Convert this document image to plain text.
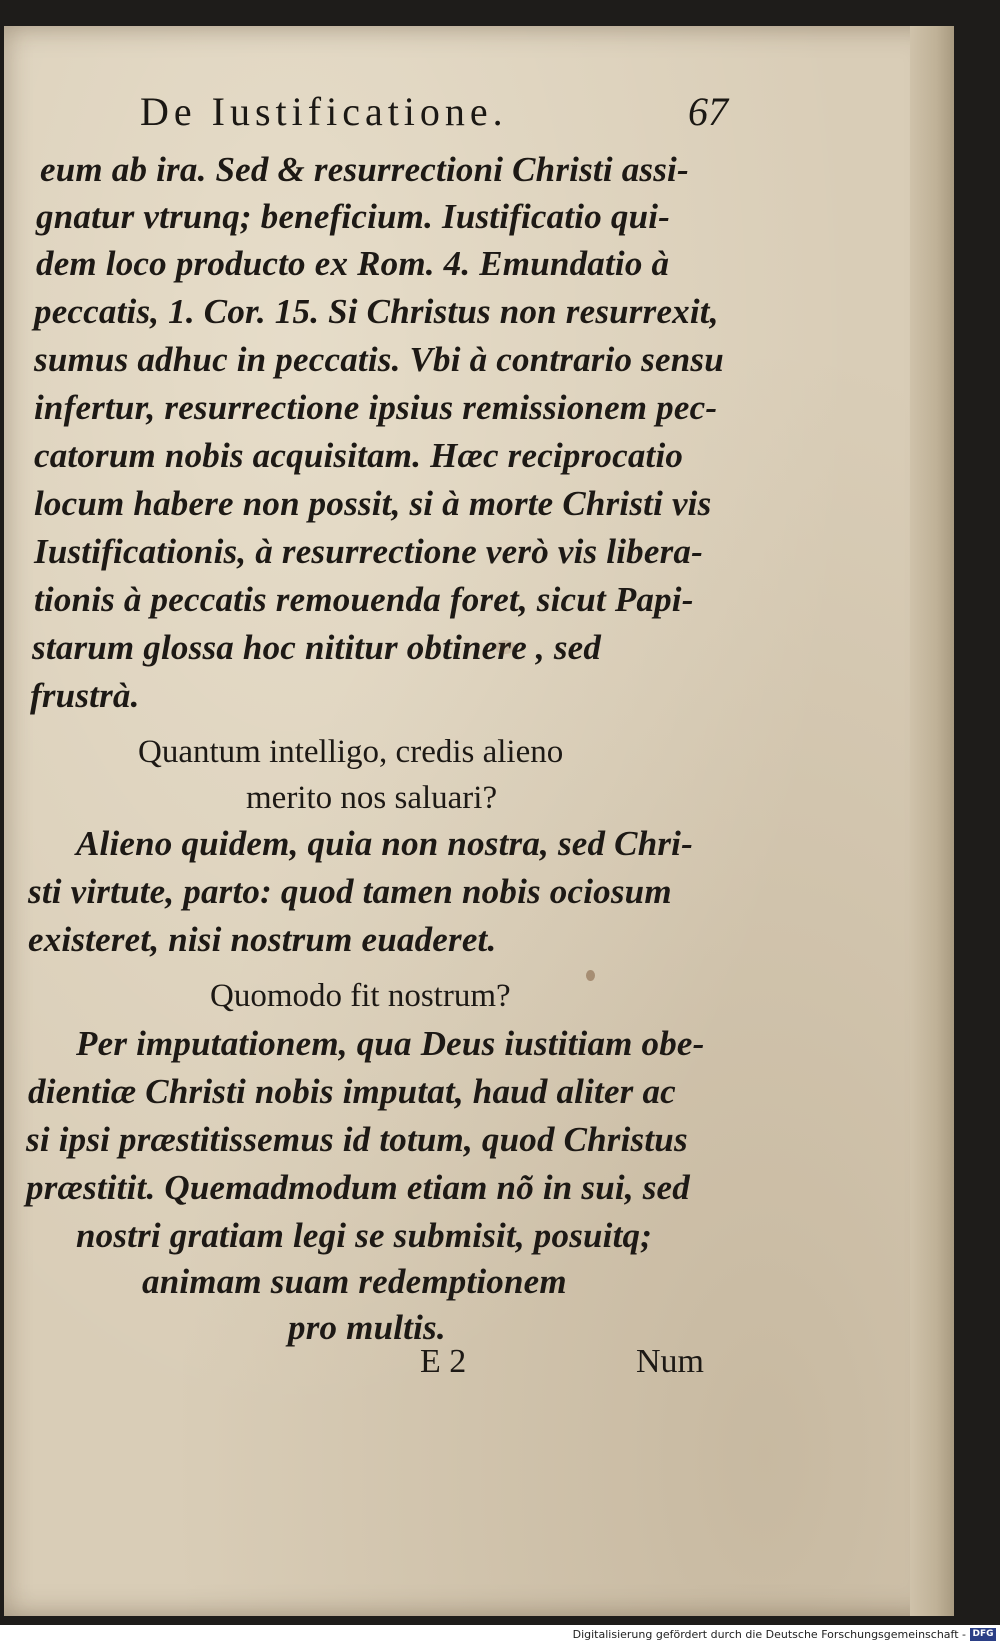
De Iustificatione.	67
eum ab ira. Sed & resurrectioni Christi assi-
gnatur vtrunq; beneficium. Iustificatio qui-
dem loco producto ex Rom. 4. Emundatio à
peccatis, 1. Cor. 15. Si Christus non resurrexit,
sumus adhuc in peccatis. Vbi à contrario sensu
infertur, resurrectione ipsius remissionem pec-
catorum nobis acquisitam. Hæc reciprocatio
locum habere non possit, si à morte Christi vis
Iustificationis, à resurrectione verò vis libera-
tionis à peccatis remouenda foret, sicut Papi-
starum glossa hoc nititur obtinere , sed
frustrà.
Quantum intelligo, credis alieno
merito nos saluari?
Alieno quidem, quia non nostra, sed Chri-
sti virtute, parto: quod tamen nobis ociosum
existeret, nisi nostrum euaderet.
Quomodo fit nostrum?
Per imputationem, qua Deus iustitiam obe-
dientiæ Christi nobis imputat, haud aliter ac
si ipsi præstitissemus id totum, quod Christus
præstitit. Quemadmodum etiam nõ in sui, sed
nostri gratiam legi se submisit, posuitq;
animam suam redemptionem
pro multis.
E 2	Num
Digitalisierung gefördert durch die Deutsche Forschungsgemeinschaft - DFG
